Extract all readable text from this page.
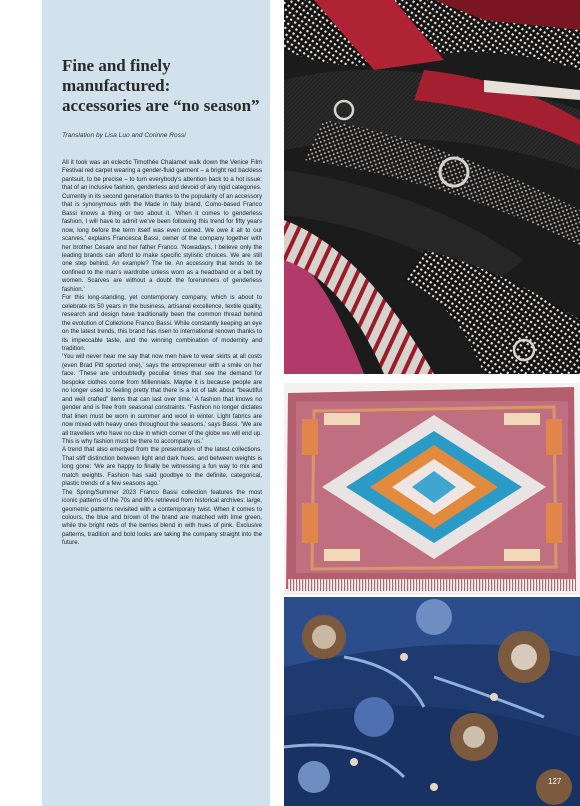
Fine and finely
manufactured:
accessories are “no season”

Translation by Lisa Luo and Corinne Rossi

All it took was an eclectic Timothée Chalamet walk down the Venice Film Festival red carpet wearing a gender-fluid garment – a bright red backless pantsuit, to be precise – to turn everybody’s attention back to a hot issue: that of an inclusive fashion, genderless and devoid of any rigid categories.

Currently in its second generation thanks to the popularity of an accessory that is synonymous with the Made in Italy brand, Como-based Franco Bassi knows a thing or two about it. ‘When it comes to genderless fashion, I will have to admit we’ve been following this trend for fifty years now, long before the term itself was even coined. We owe it all to our scarves,’ explains Francesca Bassi, owner of the company together with her brother Cesare and her father Franco. ‘Nowadays, I believe only the leading brands can afford to make specific stylistic choices. We are still one step behind. An example? The tie. An accessory that tends to be confined to the man’s wardrobe unless worn as a headband or a belt by women. Scarves are without a doubt the forerunners of genderless fashion.’

For this long-standing, yet contemporary company, which is about to celebrate its 50 years in the business, artisanal excellence, textile quality, research and design have traditionally been the common thread behind the evolution of Collezione Franco Bassi. While constantly keeping an eye on the latest trends, this brand has risen to international renown thanks to its impeccable taste, and the winning combination of modernity and tradition.

‘You will never hear me say that now men have to wear skirts at all costs (even Brad Pitt sported one),’ says the entrepreneur with a smile on her face. ‘These are undoubtedly peculiar times that see the demand for bespoke clothes come from Millennials. Maybe it is because people are no longer used to feeling pretty that there is a lot of talk about “beautiful and well crafted” items that can last over time.’ A fashion that knows no gender and is free from seasonal constraints. ‘Fashion no longer dictates that linen must be worn in summer and wool in winter. Light fabrics are now mixed with heavy ones throughout the seasons,’ says Bassi. ‘We are all travellers who have no clue in which corner of the globe we will end up. This is why fashion must be there to accompany us.’

A trend that also emerged from the presentation of the latest collections. That stiff distinction between light and dark hues, and between weights is long gone: ‘We are happy to finally be witnessing a fun way to mix and match weights. Fashion has said goodbye to the definite, categorical, plastic trends of a few seasons ago.’

The Spring/Summer 2023 Franco Bassi collection features the most iconic patterns of the 70s and 80s retrieved from historical archives: large, geometric patterns revisited with a contemporary twist. When it comes to colours, the blue and brown of the brand are matched with lime green, while the bright reds of the berries blend in with hues of pink. Exclusive patterns, tradition and bold looks are taking the company straight into the future.

127
